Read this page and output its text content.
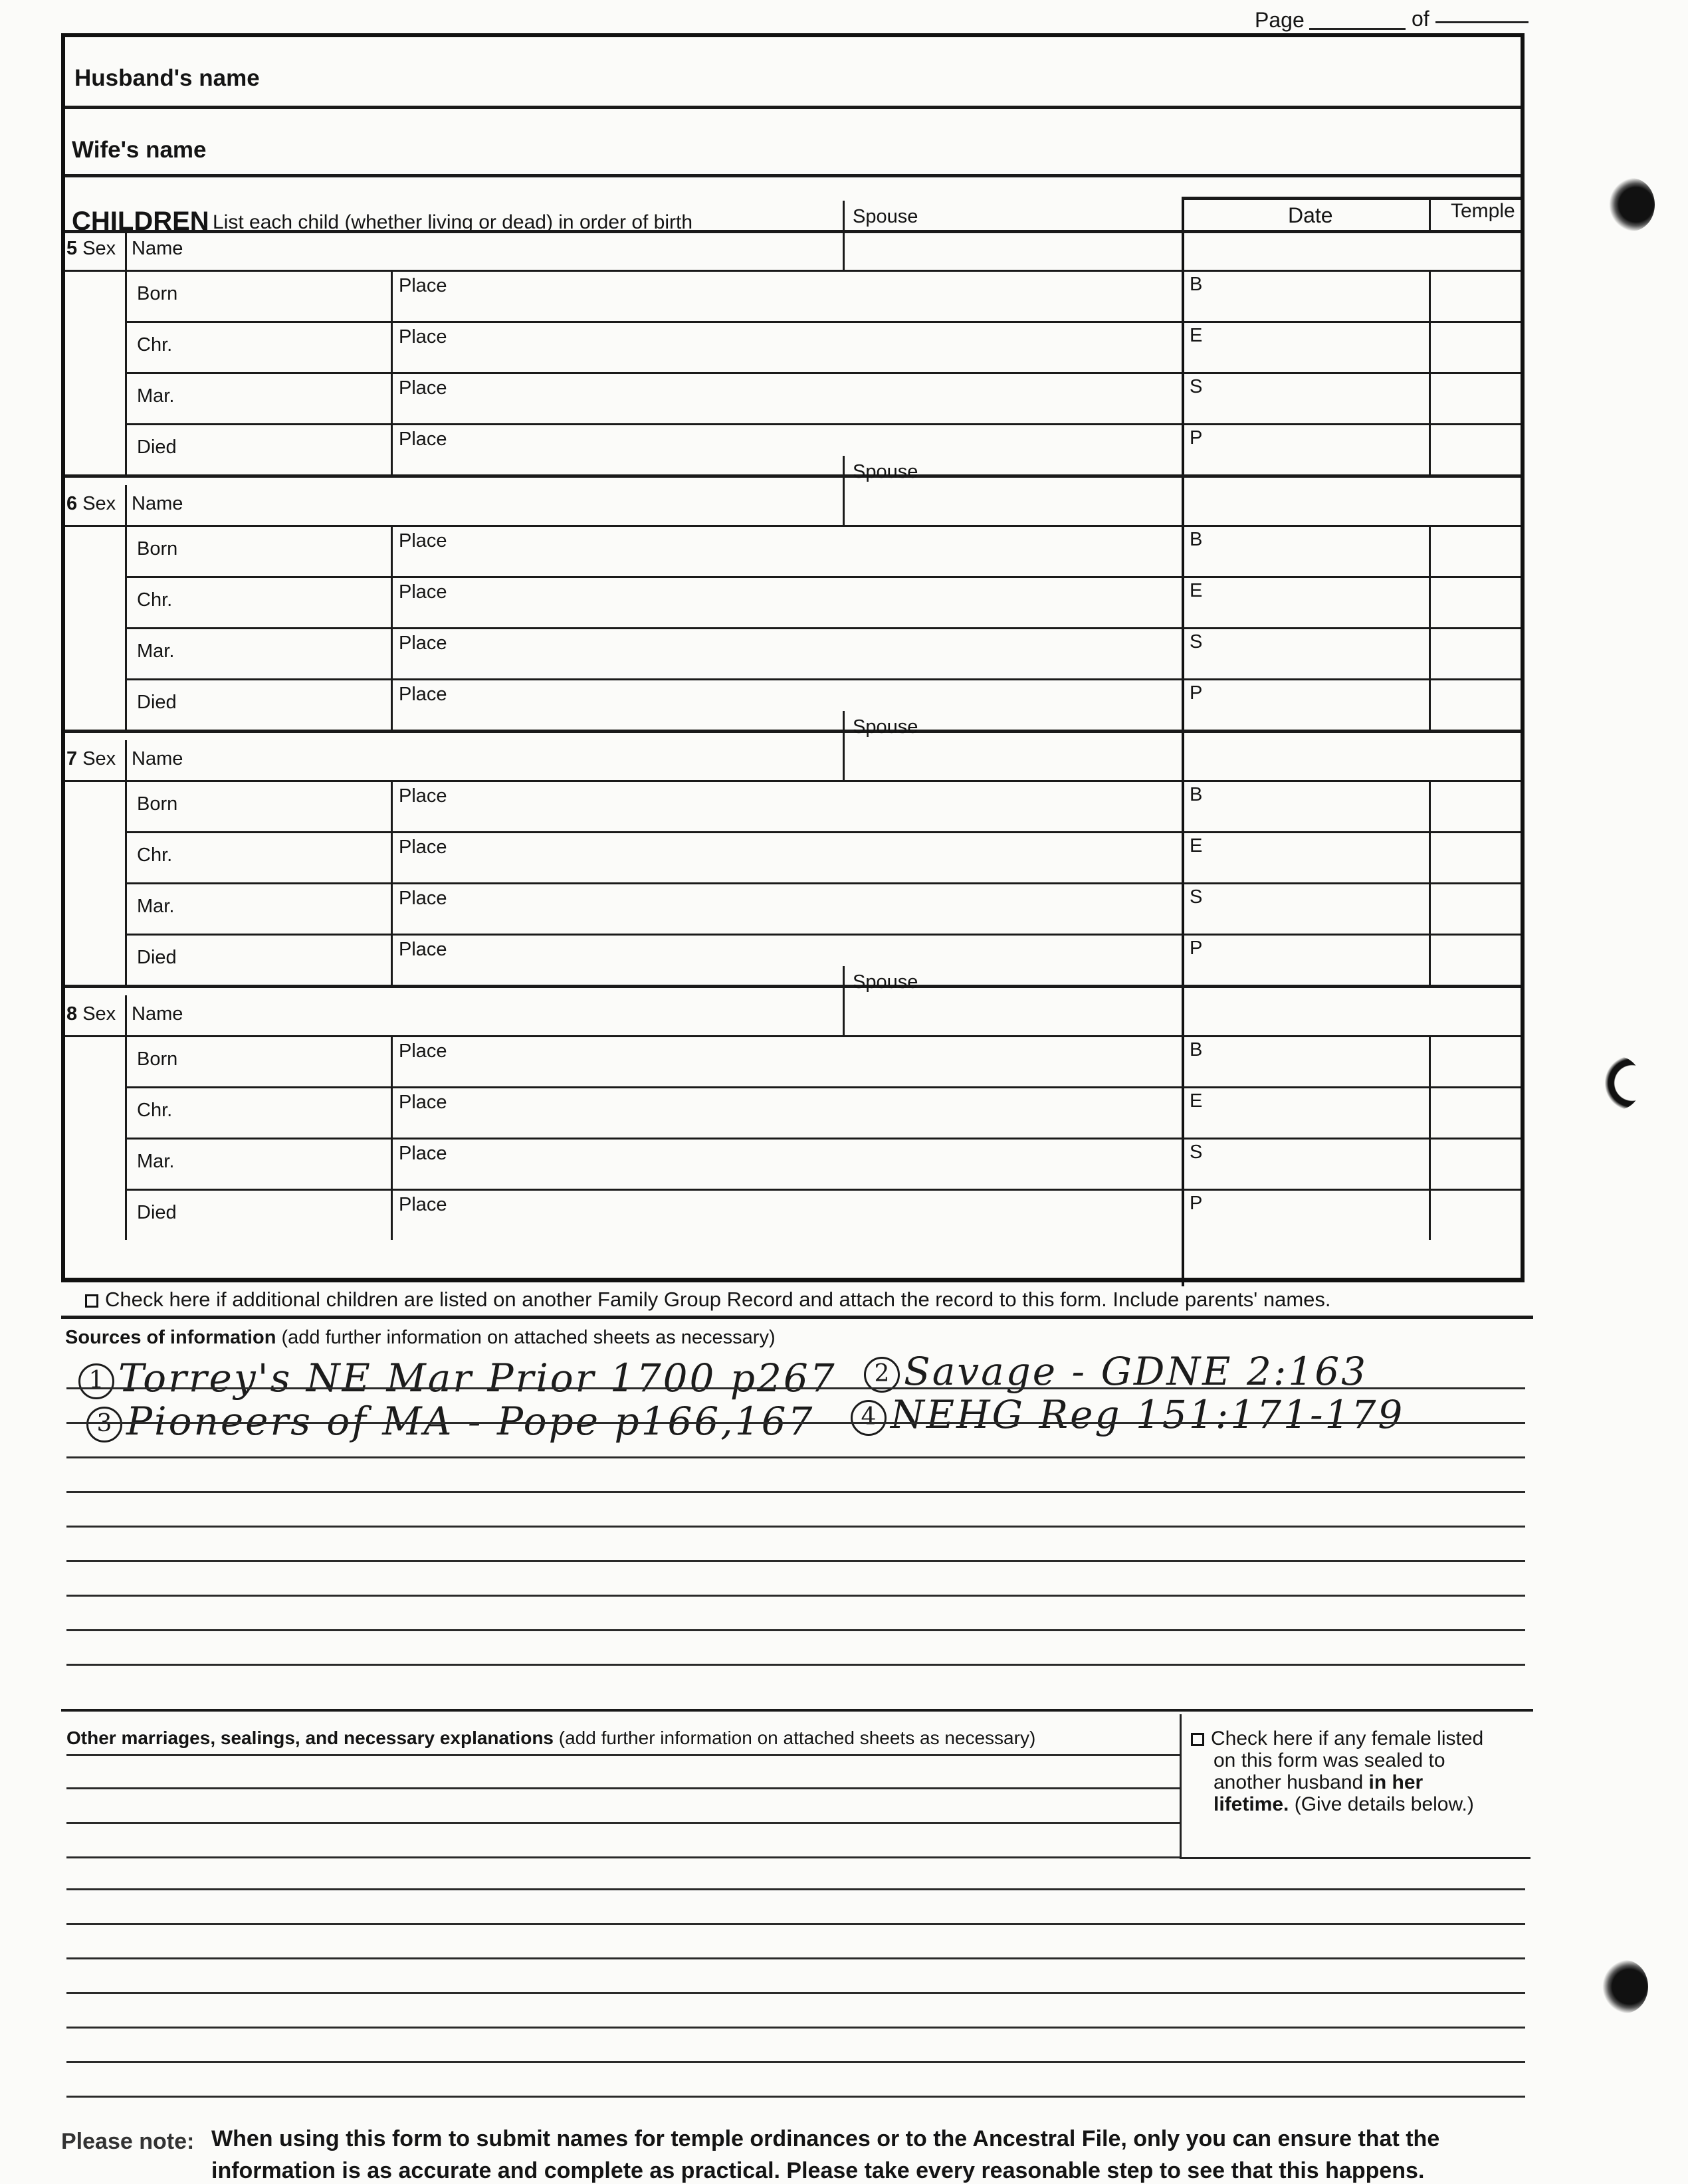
Page	of
Husband's name
Wife's name
CHILDREN List each child (whether living or dead) in order of birth	Date	Temple
5 Sex Name
Spouse
Born	Place	B
Chr.	Place	E
Mar.	Place	S
Died	Place	P
6 Sex Name
Spouse
Born	Place	B
Chr.	Place	E
Mar.	Place	S
Died	Place	P
7 Sex Name
Spouse
Born	Place	B
Chr.	Place	E
Mar.	Place	S
Died	Place	P
8 Sex Name
Spouse
Born	Place	B
Chr.	Place	E
Mar.	Place	S
Died	Place	P
Check here if additional children are listed on another Family Group Record and attach the record to this form. Include parents' names.
Sources of information (add further information on attached sheets as necessary)
1 Torrey's NE Mar Prior 1700 p267	2 Savage - GDNE 2:163
3 Pioneers of MA - Pope p166,167	4 NEHG Reg 151:171-179
Other marriages, sealings, and necessary explanations (add further information on attached sheets as necessary)	Check here if any female listed
on this form was sealed to
another husband in her
lifetime. (Give details below.)
Please note: When using this form to submit names for temple ordinances or to the Ancestral File, only you can ensure that the
information is as accurate and complete as practical. Please take every reasonable step to see that this happens.
